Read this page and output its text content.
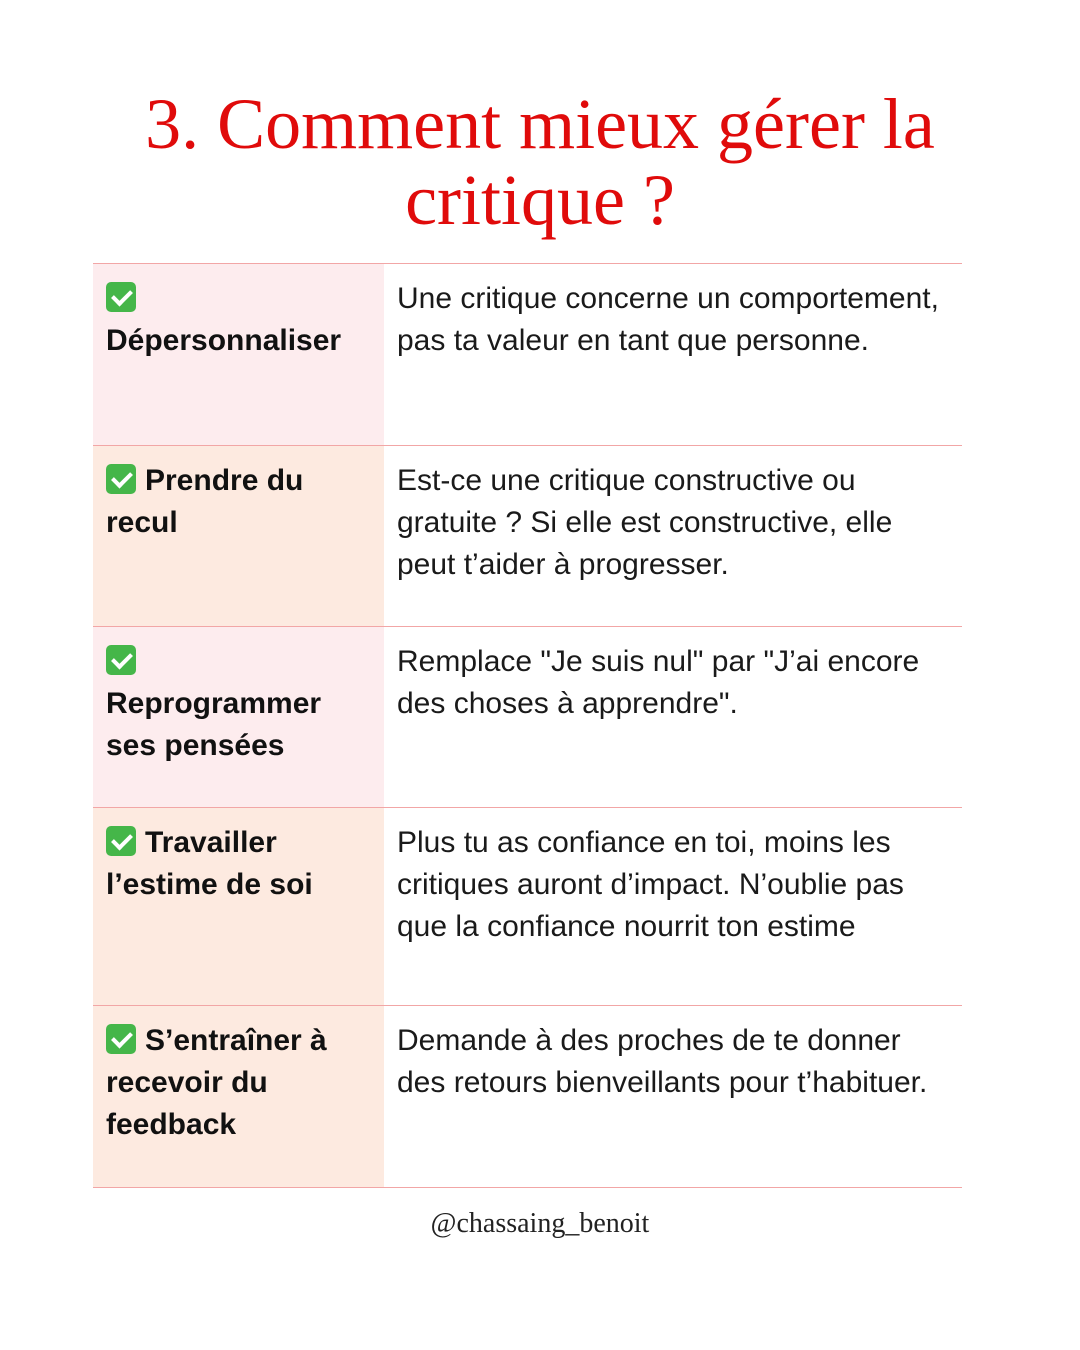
3. Comment mieux gérer la critique ?

Dépersonnaliser
Une critique concerne un comportement, pas ta valeur en tant que personne.
Prendre du recul
Est-ce une critique constructive ou gratuite ? Si elle est constructive, elle peut t’aider à progresser.

Reprogrammer ses pensées
Remplace "Je suis nul" par "J’ai encore des choses à apprendre".
Travailler l’estime de soi
Plus tu as confiance en toi, moins les critiques auront d’impact. N’oublie pas que la confiance nourrit ton estime
S’entraîner à recevoir du feedback
Demande à des proches de te donner des retours bienveillants pour t’habituer.
@chassaing_benoit
